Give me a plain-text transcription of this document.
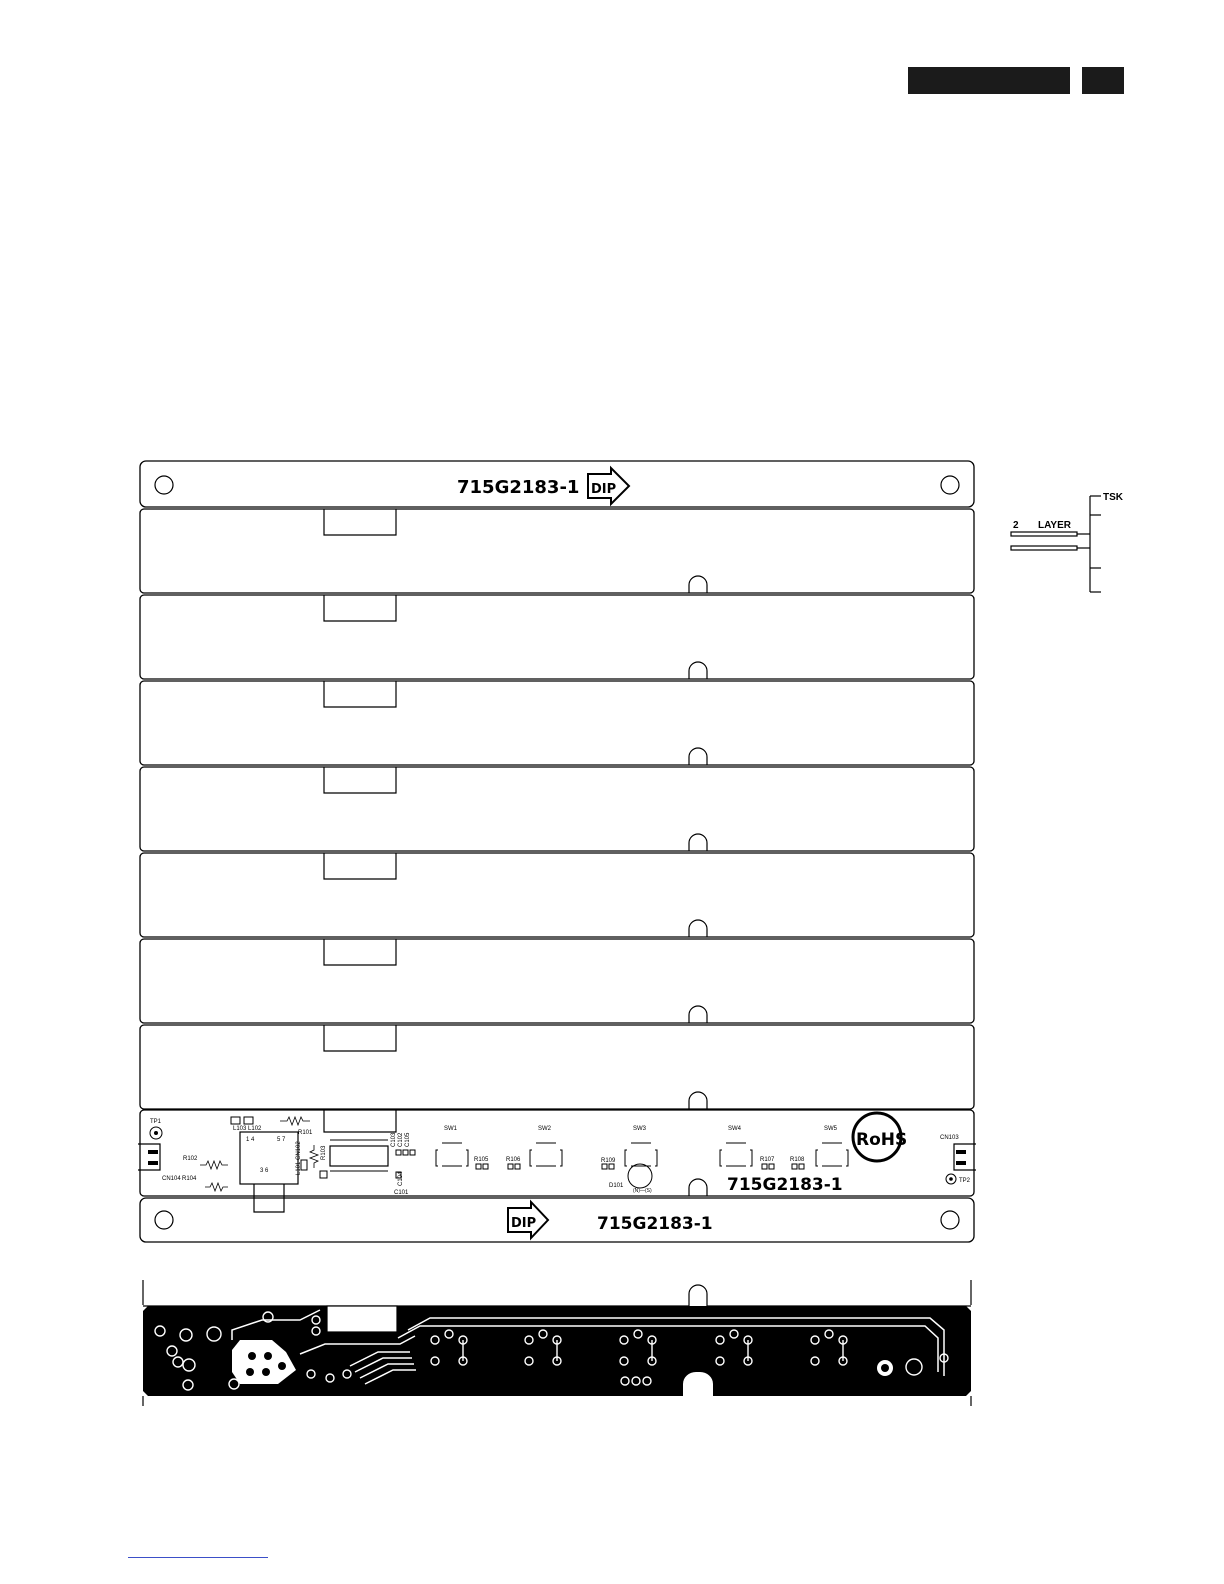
715G2183-1 DIP
TP1
CN104
R102
R104
L103 L102
R101
1 4	5 7
3 6	L101 CN102	R103
C103 C102 C105
C104
C101
SW1	SW2	SW3	SW4	SW5
R105	R106	R107	R108
R109
(N)—(S)
D101	715G2183-1
RoHS	CN103
TP2
DIP	715G2183-1
TSK
2 LAYER
